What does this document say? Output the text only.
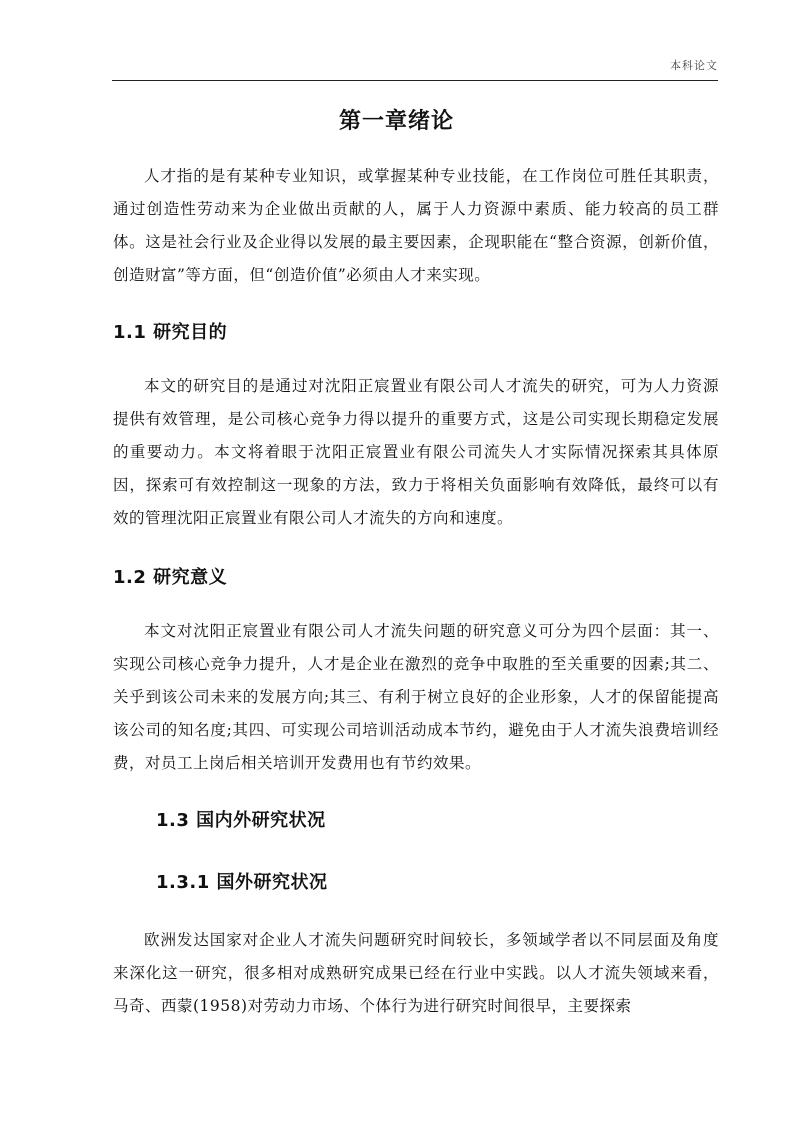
本科论文
第一章绪论

人才指的是有某种专业知识，或掌握某种专业技能，在工作岗位可胜任其职责，通过创造性劳动来为企业做出贡献的人，属于人力资源中素质、能力较高的员工群体。这是社会行业及企业得以发展的最主要因素，企现职能在“整合资源，创新价值，创造财富”等方面，但“创造价值”必须由人才来实现。

1.1 研究目的

本文的研究目的是通过对沈阳正宸置业有限公司人才流失的研究，可为人力资源提供有效管理，是公司核心竞争力得以提升的重要方式，这是公司实现长期稳定发展的重要动力。本文将着眼于沈阳正宸置业有限公司流失人才实际情况探索其具体原因，探索可有效控制这一现象的方法，致力于将相关负面影响有效降低，最终可以有效的管理沈阳正宸置业有限公司人才流失的方向和速度。

1.2 研究意义

本文对沈阳正宸置业有限公司人才流失问题的研究意义可分为四个层面：其一、实现公司核心竞争力提升，人才是企业在激烈的竞争中取胜的至关重要的因素;其二、关乎到该公司未来的发展方向;其三、有利于树立良好的企业形象，人才的保留能提高该公司的知名度;其四、可实现公司培训活动成本节约，避免由于人才流失浪费培训经费，对员工上岗后相关培训开发费用也有节约效果。

1.3 国内外研究状况
1.3.1 国外研究状况

欧洲发达国家对企业人才流失问题研究时间较长，多领域学者以不同层面及角度来深化这一研究，很多相对成熟研究成果已经在行业中实践。以人才流失领域来看，马奇、西蒙(1958)对劳动力市场、个体行为进行研究时间很早，主要探索
